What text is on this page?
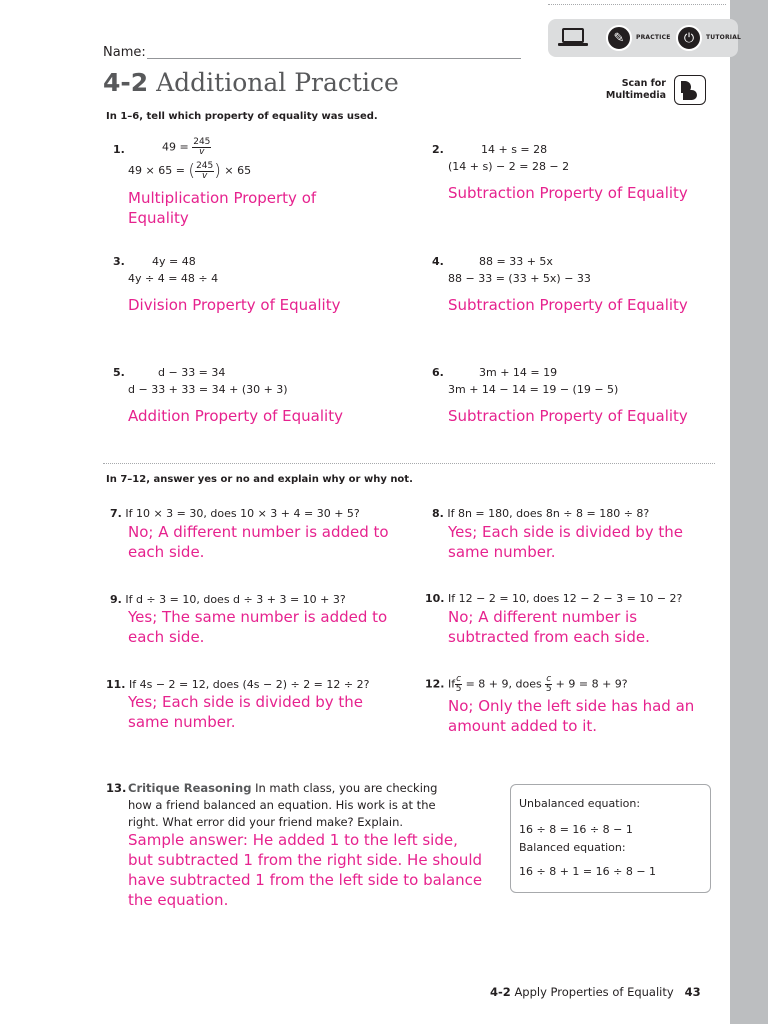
✎	PRACTICE	⏻	TUTORIAL
Name:
4-2 Additional Practice	Scan for
Multimedia
In 1–6, tell which property of equality was used.
1.	$49 = \frac{245}{v}$
49 × 65 = ( $\frac{245}{v}$ ) × 65
Multiplication Property of Equality
2.	14 + s = 28
(14 + s) − 2 = 28 − 2
Subtraction Property of Equality
3. 4y = 48
4y ÷ 4 = 48 ÷ 4
Division Property of Equality
4.	88 = 33 + 5x
88 − 33 = (33 + 5x) − 33
Subtraction Property of Equality
5.	d − 33 = 34
d − 33 + 33 = 34 + (30 + 3)
Addition Property of Equality
6.	3m + 14 = 19
3m + 14 − 14 = 19 − (19 − 5)
Subtraction Property of Equality
In 7–12, answer yes or no and explain why or why not.
7. If 10 × 3 = 30, does 10 × 3 + 4 = 30 + 5?
No; A different number is added to each side.
8. If 8n = 180, does 8n ÷ 8 = 180 ÷ 8?
Yes; Each side is divided by the same number.
9. If d ÷ 3 = 10, does d ÷ 3 + 3 = 10 + 3?
Yes; The same number is added to each side.
10. If 12 − 2 = 10, does 12 − 2 − 3 = 10 − 2?
No; A different number is subtracted from each side.
11. If 4s − 2 = 12, does (4s − 2) ÷ 2 = 12 ÷ 2?
Yes; Each side is divided by the same number.
12. If $\frac{c}{5} = 8 + 9$, does $\frac{c}{5} + 9 = 8 + 9$?
No; Only the left side has had an amount added to it.
13. Critique Reasoning In math class, you are checking how a friend balanced an equation. His work is at the right. What error did your friend make? Explain.
Sample answer: He added 1 to the left side, but subtracted 1 from the right side. He should have subtracted 1 from the left side to balance the equation.
Unbalanced equation:
16 ÷ 8 = 16 ÷ 8 − 1
Balanced equation:
16 ÷ 8 + 1 = 16 ÷ 8 − 1
4-2 Apply Properties of Equality 43
